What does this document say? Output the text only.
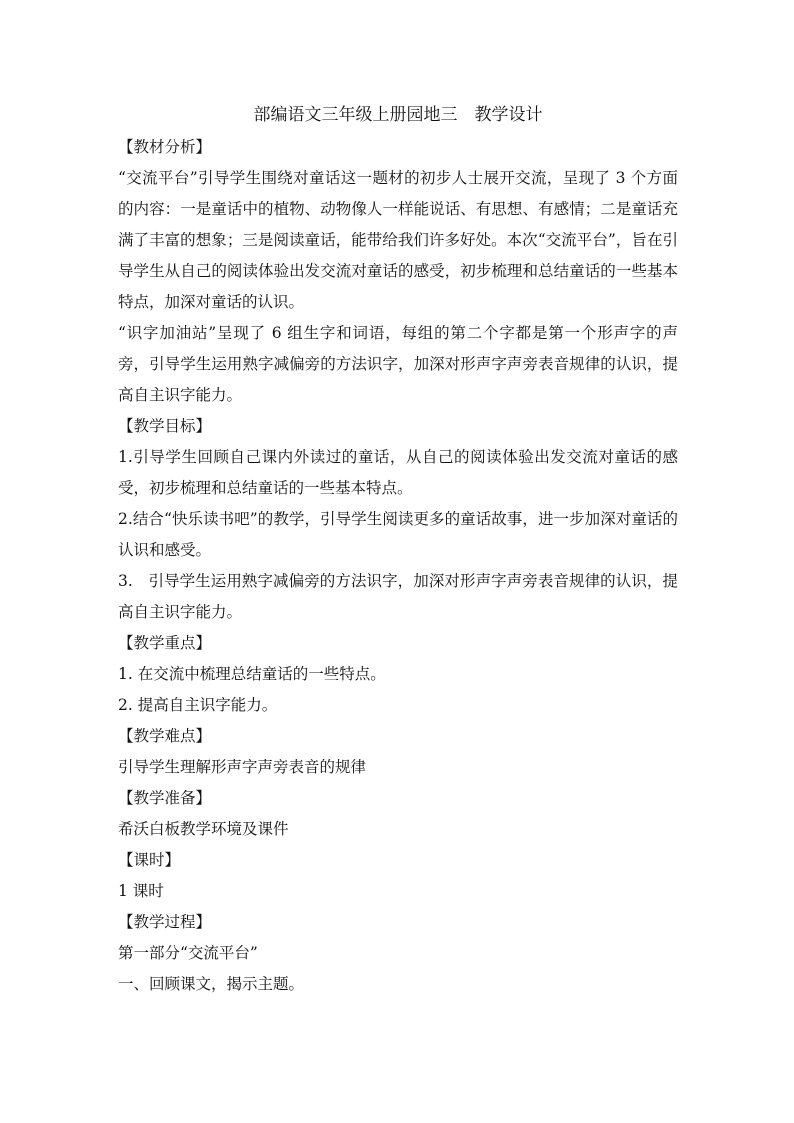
部编语文三年级上册园地三　教学设计
【教材分析】
“交流平台”引导学生围绕对童话这一题材的初步人士展开交流，呈现了 3 个方面的内容：一是童话中的植物、动物像人一样能说话、有思想、有感情；二是童话充满了丰富的想象；三是阅读童话，能带给我们许多好处。本次“交流平台”，旨在引导学生从自己的阅读体验出发交流对童话的感受，初步梳理和总结童话的一些基本特点，加深对童话的认识。
“识字加油站”呈现了 6 组生字和词语，每组的第二个字都是第一个形声字的声旁，引导学生运用熟字减偏旁的方法识字，加深对形声字声旁表音规律的认识，提高自主识字能力。
【教学目标】
1.引导学生回顾自己课内外读过的童话，从自己的阅读体验出发交流对童话的感受，初步梳理和总结童话的一些基本特点。
2.结合“快乐读书吧”的教学，引导学生阅读更多的童话故事，进一步加深对童话的认识和感受。
3.　引导学生运用熟字减偏旁的方法识字，加深对形声字声旁表音规律的认识，提高自主识字能力。
【教学重点】
1. 在交流中梳理总结童话的一些特点。
2. 提高自主识字能力。
【教学难点】
引导学生理解形声字声旁表音的规律
【教学准备】
希沃白板教学环境及课件
【课时】
1 课时
【教学过程】
第一部分“交流平台”
一、回顾课文，揭示主题。
